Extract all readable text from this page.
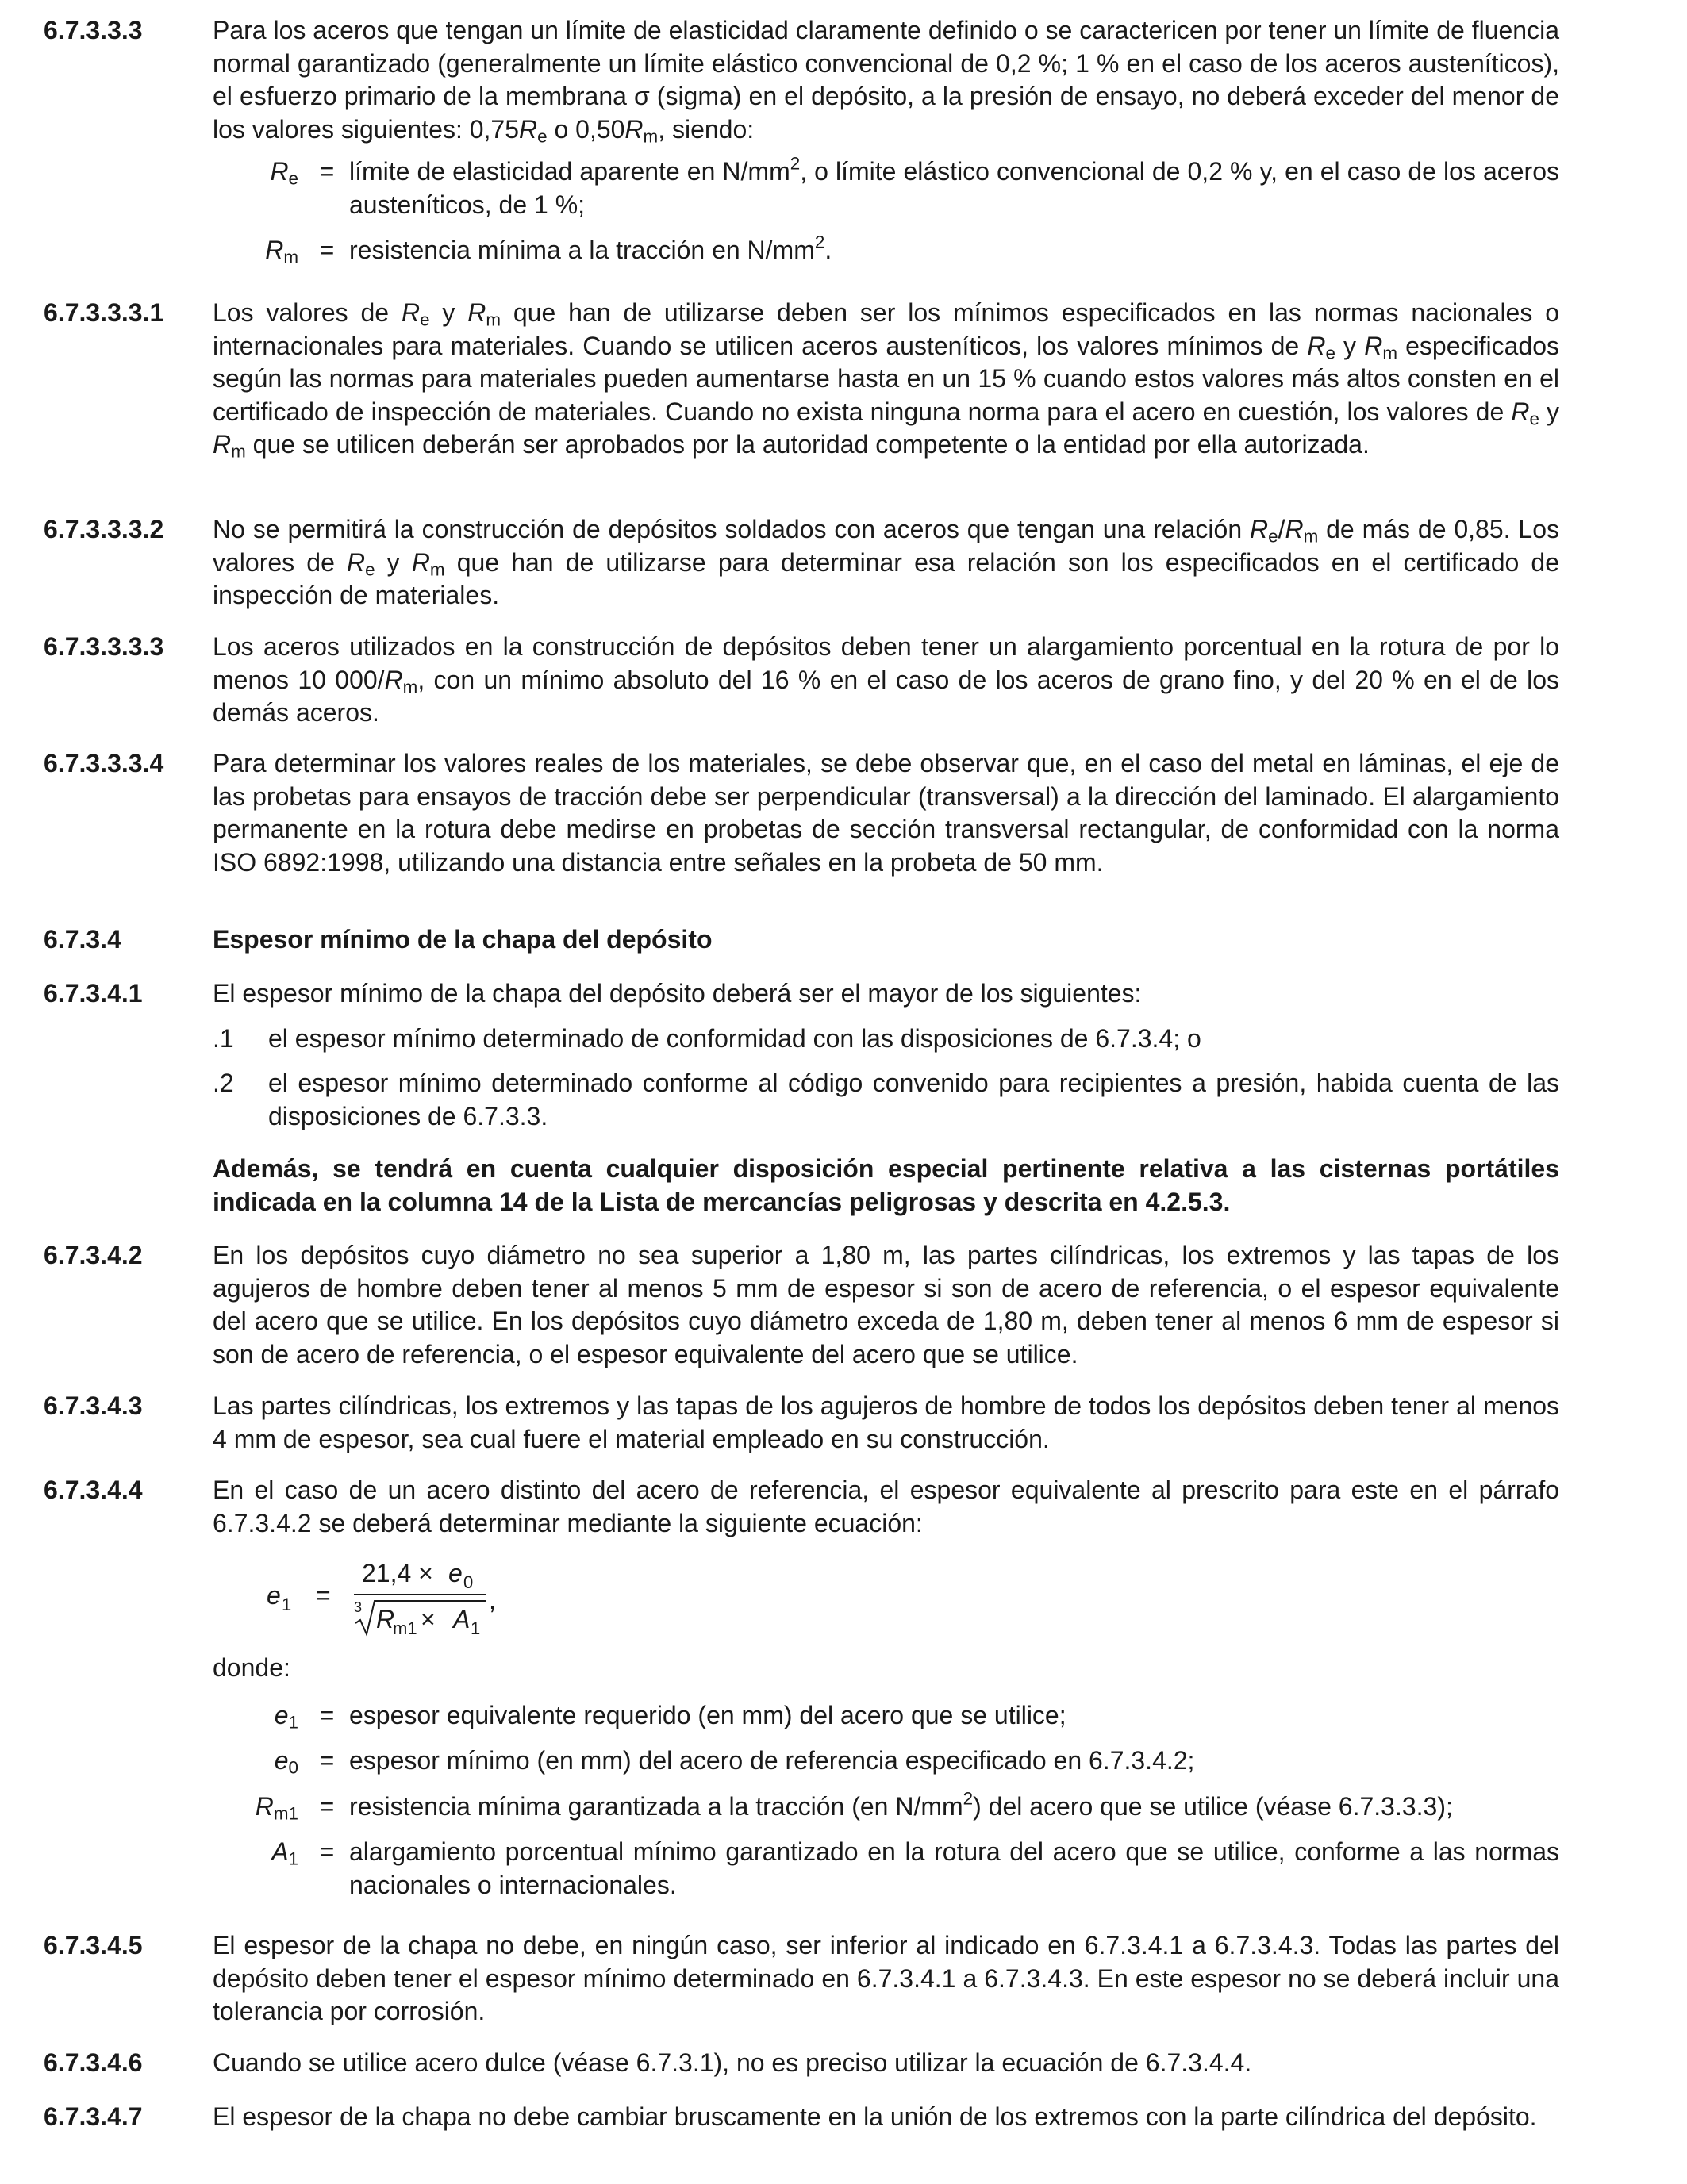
6.7.3.3.3	Para los aceros que tengan un límite de elasticidad claramente definido o se caractericen por tener un límite de fluencia normal garantizado (generalmente un límite elástico convencional de 0,2 %; 1 % en el caso de los aceros austeníticos), el esfuerzo primario de la membrana σ (sigma) en el depósito, a la presión de ensayo, no deberá exceder del menor de los valores siguientes: $0,75R_e$ o $0,50R_m$, siendo:
$R_e$ = límite de elasticidad aparente en $N/mm^2$, o límite elástico convencional de 0,2 % y, en el caso de los aceros austeníticos, de 1 %;
$R_m$ = resistencia mínima a la tracción en $N/mm^2$.
6.7.3.3.3.1	Los valores de $R_e$ y $R_m$ que han de utilizarse deben ser los mínimos especificados en las normas nacionales o internacionales para materiales. Cuando se utilicen aceros austeníticos, los valores mínimos de $R_e$ y $R_m$ especificados según las normas para materiales pueden aumentarse hasta en un 15 % cuando estos valores más altos consten en el certificado de inspección de materiales. Cuando no exista ninguna norma para el acero en cuestión, los valores de $R_e$ y $R_m$ que se utilicen deberán ser aprobados por la autoridad competente o la entidad por ella autorizada.
6.7.3.3.3.2	No se permitirá la construcción de depósitos soldados con aceros que tengan una relación $R_e/R_m$ de más de 0,85. Los valores de $R_e$ y $R_m$ que han de utilizarse para determinar esa relación son los especificados en el certificado de inspección de materiales.
6.7.3.3.3.3	Los aceros utilizados en la construcción de depósitos deben tener un alargamiento porcentual en la rotura de por lo menos 10 $000/R_m$, con un mínimo absoluto del 16 % en el caso de los aceros de grano fino, y del 20 % en el de los demás aceros.
6.7.3.3.3.4	Para determinar los valores reales de los materiales, se debe observar que, en el caso del metal en láminas, el eje de las probetas para ensayos de tracción debe ser perpendicular (transversal) a la dirección del laminado. El alargamiento permanente en la rotura debe medirse en probetas de sección transversal rectangular, de conformidad con la norma ISO 6892:1998, utilizando una distancia entre señales en la probeta de 50 mm.
6.7.3.4	Espesor mínimo de la chapa del depósito
6.7.3.4.1	El espesor mínimo de la chapa del depósito deberá ser el mayor de los siguientes:
.1	el espesor mínimo determinado de conformidad con las disposiciones de 6.7.3.4; o
.2	el espesor mínimo determinado conforme al código convenido para recipientes a presión, habida cuenta de las disposiciones de 6.7.3.3.
Además, se tendrá en cuenta cualquier disposición especial pertinente relativa a las cisternas portátiles indicada en la columna 14 de la Lista de mercancías peligrosas y descrita en 4.2.5.3.
6.7.3.4.2	En los depósitos cuyo diámetro no sea superior a 1,80 m, las partes cilíndricas, los extremos y las tapas de los agujeros de hombre deben tener al menos 5 mm de espesor si son de acero de referencia, o el espesor equivalente del acero que se utilice. En los depósitos cuyo diámetro exceda de 1,80 m, deben tener al menos 6 mm de espesor si son de acero de referencia, o el espesor equivalente del acero que se utilice.
6.7.3.4.3	Las partes cilíndricas, los extremos y las tapas de los agujeros de hombre de todos los depósitos deben tener al menos 4 mm de espesor, sea cual fuere el material empleado en su construcción.
6.7.3.4.4	En el caso de un acero distinto del acero de referencia, el espesor equivalente al prescrito para este en el párrafo 6.7.3.4.2 se deberá determinar mediante la siguiente ecuación:
e 1 =
21,4 × e 0
3 R
m1 × A 1
,
donde:
$e_1$ = espesor equivalente requerido (en mm) del acero que se utilice;
$e_0$ = espesor mínimo (en mm) del acero de referencia especificado en 6.7.3.4.2;
$R_{m1}$ = resistencia mínima garantizada a la tracción (en $N/mm^2$) del acero que se utilice (véase 6.7.3.3.3);
$A_1$ = alargamiento porcentual mínimo garantizado en la rotura del acero que se utilice, conforme a las normas nacionales o internacionales.
6.7.3.4.5	El espesor de la chapa no debe, en ningún caso, ser inferior al indicado en 6.7.3.4.1 a 6.7.3.4.3. Todas las partes del depósito deben tener el espesor mínimo determinado en 6.7.3.4.1 a 6.7.3.4.3. En este espesor no se deberá incluir una tolerancia por corrosión.
6.7.3.4.6	Cuando se utilice acero dulce (véase 6.7.3.1), no es preciso utilizar la ecuación de 6.7.3.4.4.
6.7.3.4.7	El espesor de la chapa no debe cambiar bruscamente en la unión de los extremos con la parte cilíndrica del depósito.
